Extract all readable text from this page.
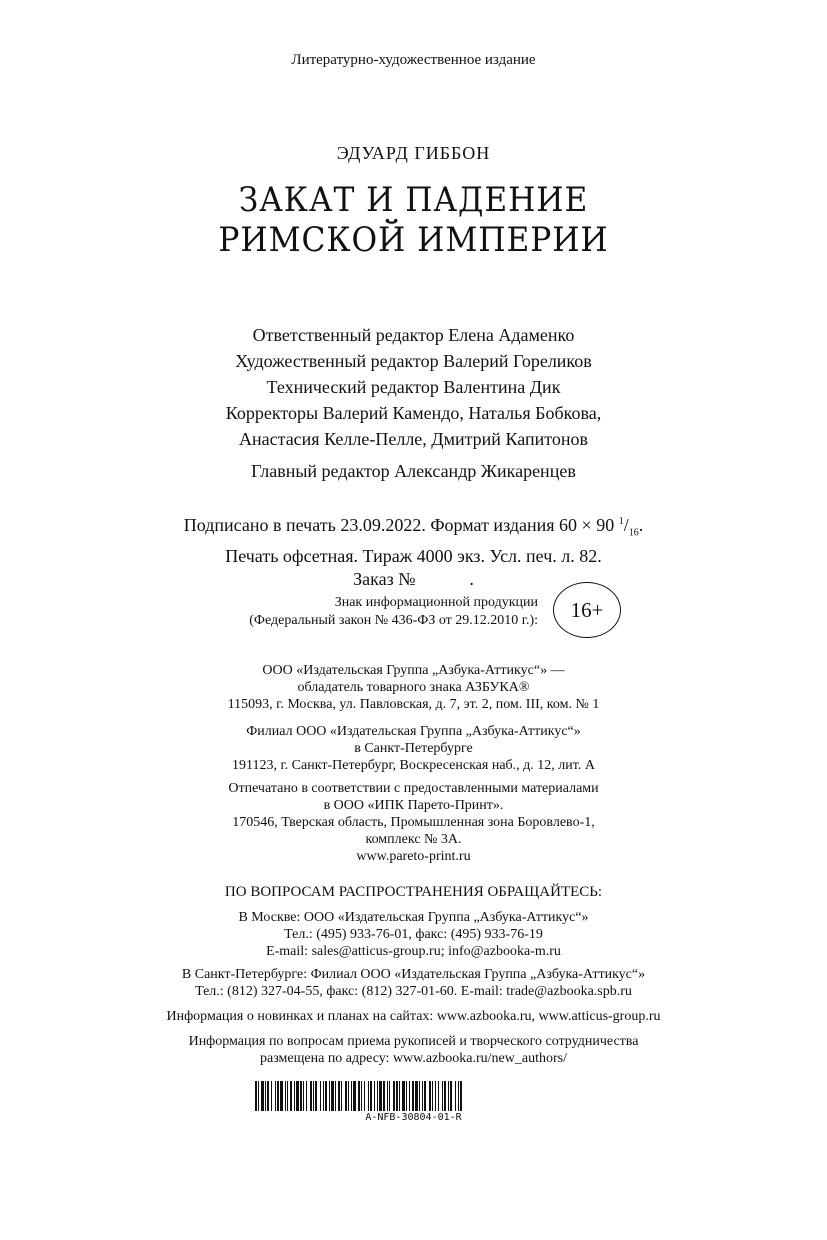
Литературно-художественное издание
ЭДУАРД ГИББОН
ЗАКАТ И ПАДЕНИЕ
РИМСКОЙ ИМПЕРИИ
Ответственный редактор Елена Адаменко
Художественный редактор Валерий Гореликов
Технический редактор Валентина Дик
Корректоры Валерий Камендо, Наталья Бобкова,
Анастасия Келле-Пелле, Дмитрий Капитонов
Главный редактор Александр Жикаренцев
Подписано в печать 23.09.2022. Формат издания 60 × 90 $^1/_{16}$.
Печать офсетная. Тираж 4000 экз. Усл. печ. л. 82.
Заказ №            .
Знак информационной продукции
(Федеральный закон № 436-ФЗ от 29.12.2010 г.): 16+
ООО «Издательская Группа „Азбука-Аттикус“» —
обладатель товарного знака АЗБУКА®
115093, г. Москва, ул. Павловская, д. 7, эт. 2, пом. III, ком. № 1
Филиал ООО «Издательская Группа „Азбука-Аттикус“»
в Санкт-Петербурге
191123, г. Санкт-Петербург, Воскресенская наб., д. 12, лит. А
Отпечатано в соответствии с предоставленными материалами
в ООО «ИПК Парето-Принт».
170546, Тверская область, Промышленная зона Боровлево-1,
комплекс № 3А.
www.pareto-print.ru
ПО ВОПРОСАМ РАСПРОСТРАНЕНИЯ ОБРАЩАЙТЕСЬ:
В Москве: ООО «Издательская Группа „Азбука-Аттикус“»
Тел.: (495) 933-76-01, факс: (495) 933-76-19
E-mail: sales@atticus-group.ru; info@azbooka-m.ru
В Санкт-Петербурге: Филиал ООО «Издательская Группа „Азбука-Аттикус“»
Тел.: (812) 327-04-55, факс: (812) 327-01-60. E-mail: trade@azbooka.spb.ru
Информация о новинках и планах на сайтах: www.azbooka.ru, www.atticus-group.ru
Информация по вопросам приема рукописей и творческого сотрудничества
размещена по адресу: www.azbooka.ru/new_authors/
A-NFB-30804-01-R
